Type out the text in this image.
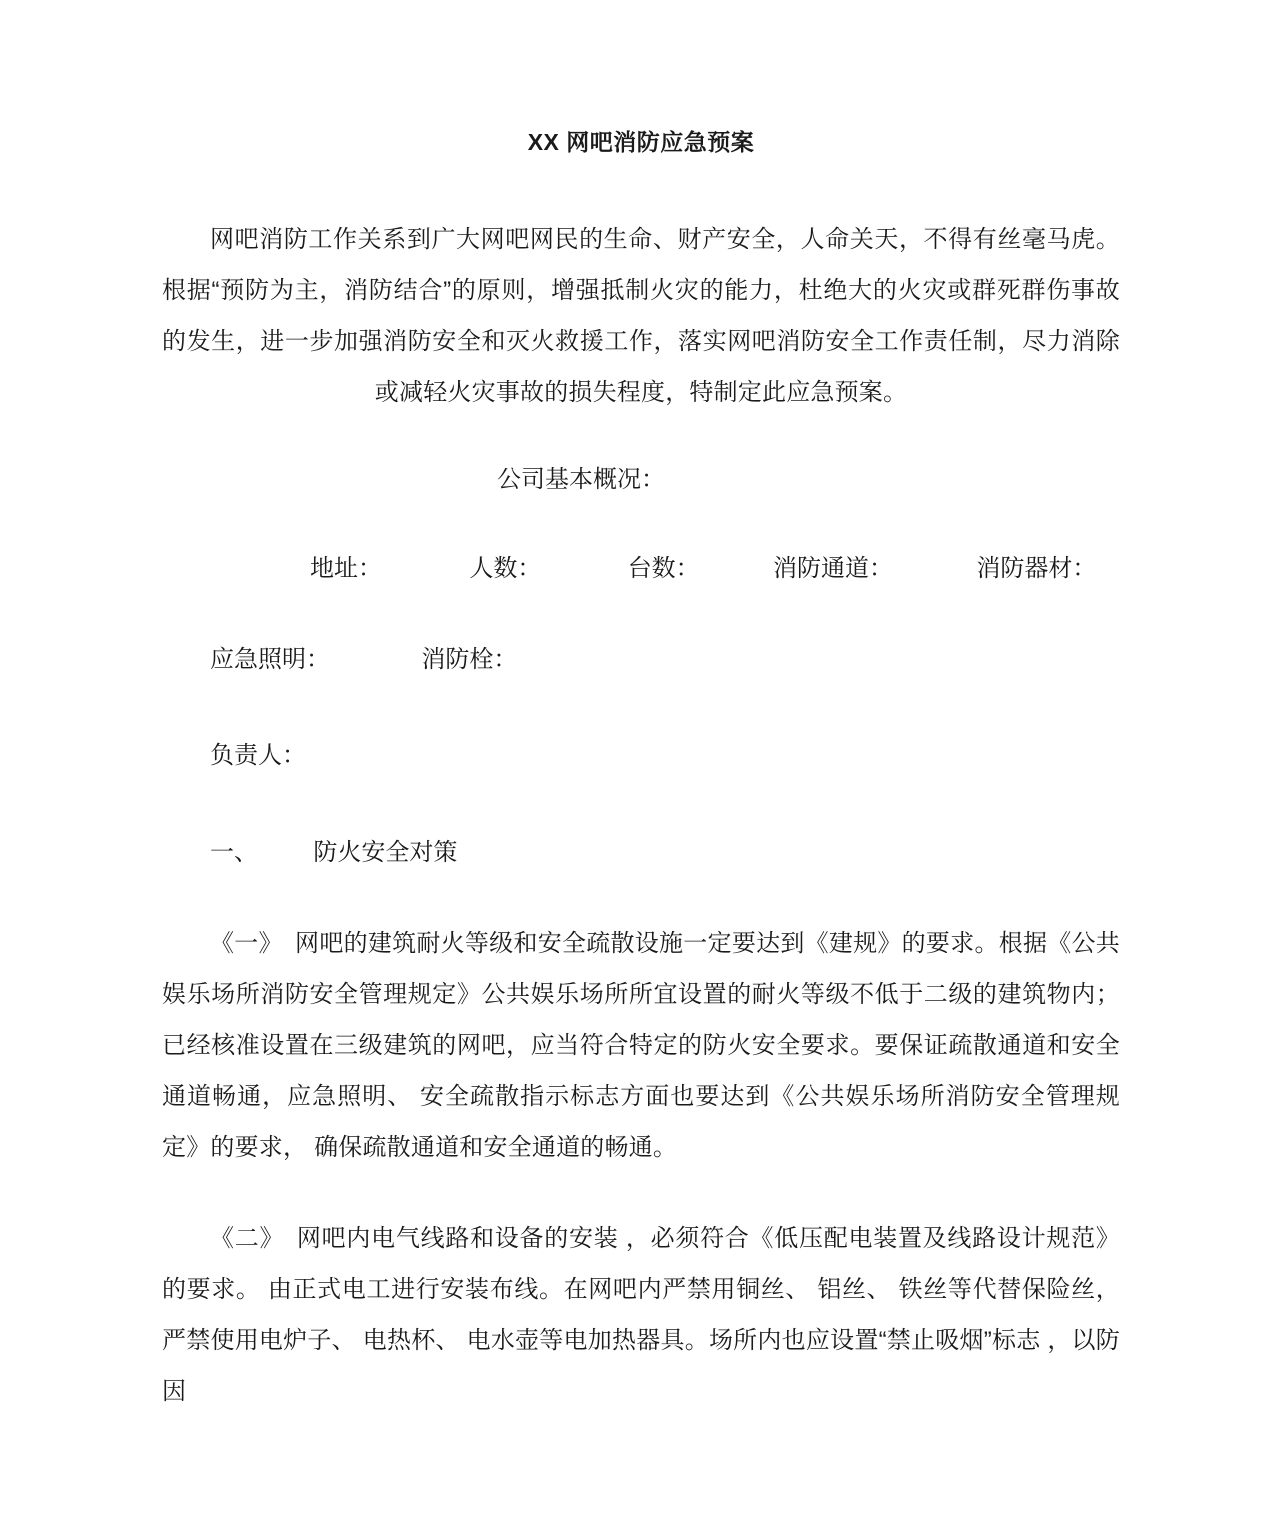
XX 网吧消防应急预案

网吧消防工作关系到广大网吧网民的生命、财产安全，人命关天，不得有丝毫马虎。根据“预防为主，消防结合”的原则，增强抵制火灾的能力，杜绝大的火灾或群死群伤事故的发生，进一步加强消防安全和灭火救援工作，落实网吧消防安全工作责任制，尽力消除或减轻火灾事故的损失程度，特制定此应急预案。

公司基本概况：

地址：	人数：	台数：	消防通道：	消防器材：

应急照明：	消防栓：

负责人：

一、 防火安全对策

《一》　网吧的建筑耐火等级和安全疏散设施一定要达到《建规》的要求。根据《公共娱乐场所消防安全管理规定》公共娱乐场所所宜设置的耐火等级不低于二级的建筑物内；已经核准设置在三级建筑的网吧，应当符合特定的防火安全要求。要保证疏散通道和安全通道畅通，应急照明、 安全疏散指示标志方面也要达到《公共娱乐场所消防安全管理规定》的要求， 确保疏散通道和安全通道的畅通。

《二》　网吧内电气线路和设备的安装 ，必须符合《低压配电装置及线路设计规范》的要求。 由正式电工进行安装布线。在网吧内严禁用铜丝、 铝丝、 铁丝等代替保险丝， 严禁使用电炉子、 电热杯、 电水壶等电加热器具。场所内也应设置“禁止吸烟”标志 ，以防因
